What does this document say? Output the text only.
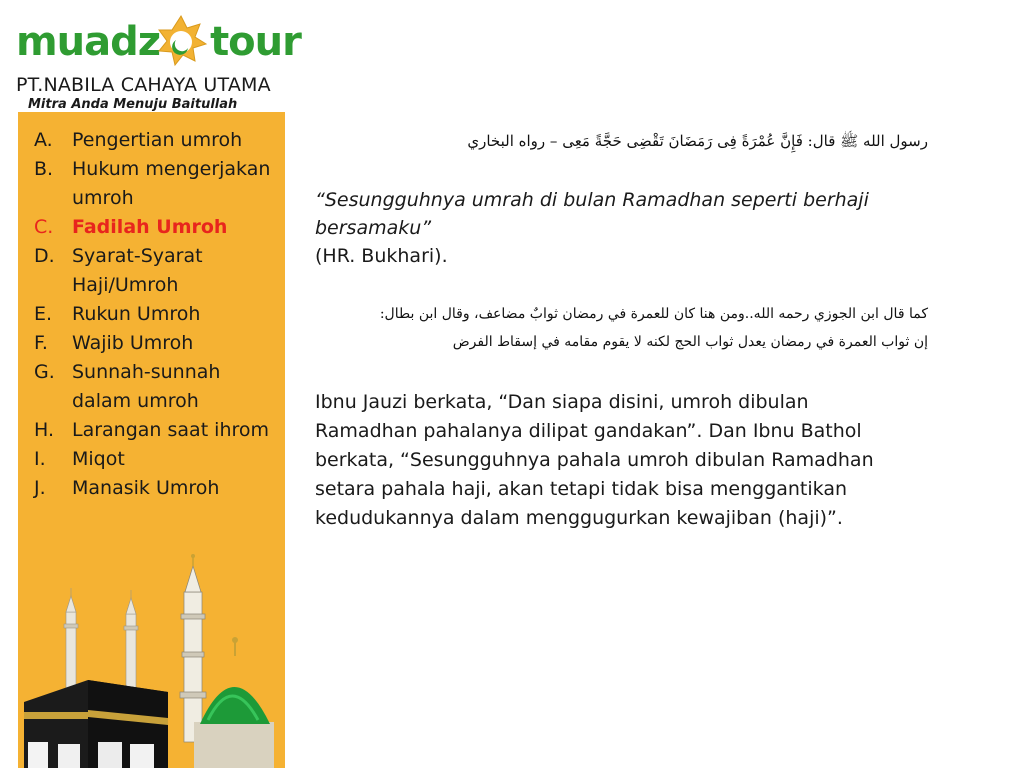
muadz tour
PT.NABILA CAHAYA UTAMA
Mitra Anda Menuju Baitullah
A.	Pengertian umroh
B. Hukum mengerjakan umroh
C. Fadilah Umroh
D. Syarat-Syarat Haji/Umroh
E.	Rukun Umroh
F.	Wajib Umroh
G. Sunnah-sunnah dalam umroh
H. Larangan saat ihrom
I.	Miqot
J.	Manasik Umroh
رسول الله ﷺ قال: فَإِنَّ عُمْرَةً فِى رَمَضَانَ تَقْضِى حَجَّةً مَعِى – رواه البخاري
“Sesungguhnya umrah di bulan Ramadhan seperti berhaji bersamaku”
(HR. Bukhari).
كما قال ابن الجوزي رحمه الله..ومن هنا كان للعمرة في رمضان ثوابٌ مضاعف، وقال ابن بطال:
إن ثواب العمرة في رمضان يعدل ثواب الحج لكنه لا يقوم مقامه في إسقاط الفرض
Ibnu Jauzi berkata, “Dan siapa disini, umroh dibulan Ramadhan pahalanya dilipat gandakan”. Dan Ibnu Bathol berkata, “Sesungguhnya pahala umroh dibulan Ramadhan setara pahala haji, akan tetapi tidak bisa menggantikan kedudukannya dalam menggugurkan kewajiban (haji)”.
